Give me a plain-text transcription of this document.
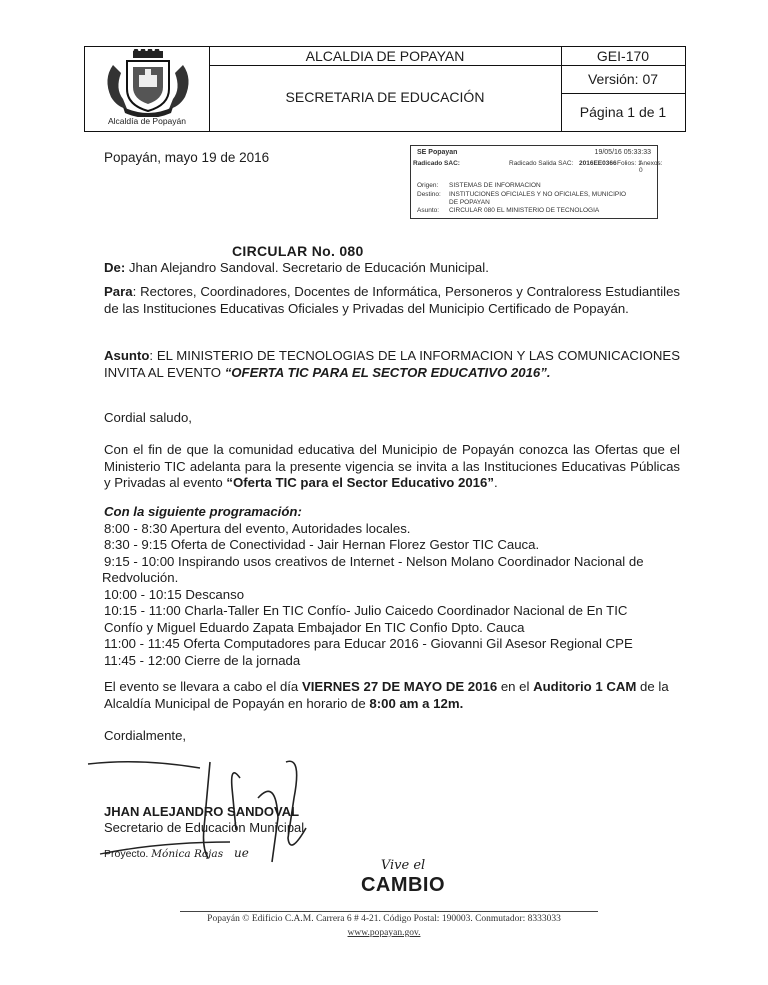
Alcaldía de Popayán
ALCALDIA DE POPAYAN
SECRETARIA DE EDUCACIÓN
GEI-170
Versión: 07
Página 1 de 1
Popayán, mayo 19 de 2016	SE Popayan	19/05/16 05:33:33
Radicado SAC:	Radicado Salida SAC: 2016EE0366 Folios: 1
Anexos: 0
Origen: SISTEMAS DE INFORMACION
Destino: INSTITUCIONES OFICIALES Y NO OFICIALES, MUNICIPIO
DE POPAYAN
Asunto: CIRCULAR 080 EL MINISTERIO DE TECNOLOGIA
CIRCULAR No. 080
De: Jhan Alejandro Sandoval. Secretario de Educación Municipal.
Para: Rectores, Coordinadores, Docentes de Informática, Personeros y Contraloress Estudiantiles de las Instituciones Educativas Oficiales y Privadas del Municipio Certificado de Popayán.
Asunto: EL MINISTERIO DE TECNOLOGIAS DE LA INFORMACION Y LAS COMUNICACIONES INVITA AL EVENTO “OFERTA TIC PARA EL SECTOR EDUCATIVO 2016”.
Cordial saludo,
Con el fin de que la comunidad educativa del Municipio de Popayán conozca las Ofertas que el Ministerio TIC adelanta para la presente vigencia se invita a las Instituciones Educativas Públicas y Privadas al evento “Oferta TIC para el Sector Educativo 2016”.
Con la siguiente programación:
8:00 - 8:30 Apertura del evento, Autoridades locales.
8:30 - 9:15 Oferta de Conectividad - Jair Hernan Florez Gestor TIC Cauca.
9:15 - 10:00 Inspirando usos creativos de Internet - Nelson Molano Coordinador Nacional de
Redvolución.
10:00 - 10:15 Descanso
10:15 - 11:00 Charla-Taller En TIC Confío- Julio Caicedo Coordinador Nacional de En TIC
Confío y Miguel Eduardo Zapata Embajador En TIC Confio Dpto. Cauca
11:00 - 11:45 Oferta Computadores para Educar 2016 - Giovanni Gil Asesor Regional CPE
11:45 - 12:00 Cierre de la jornada
El evento se llevara a cabo el día VIERNES 27 DE MAYO DE 2016 en el Auditorio 1 CAM de la Alcaldía Municipal de Popayán en horario de 8:00 am a 12m.
Cordialmente,
JHAN ALEJANDRO SANDOVAL
Secretario de Educación Municipal
Proyecto. Mónica Rojas ue
Vive el
CAMBIO
Popayán © Edificio C.A.M. Carrera 6 # 4-21. Código Postal: 190003. Conmutador: 8333033
www.popayan.gov.
